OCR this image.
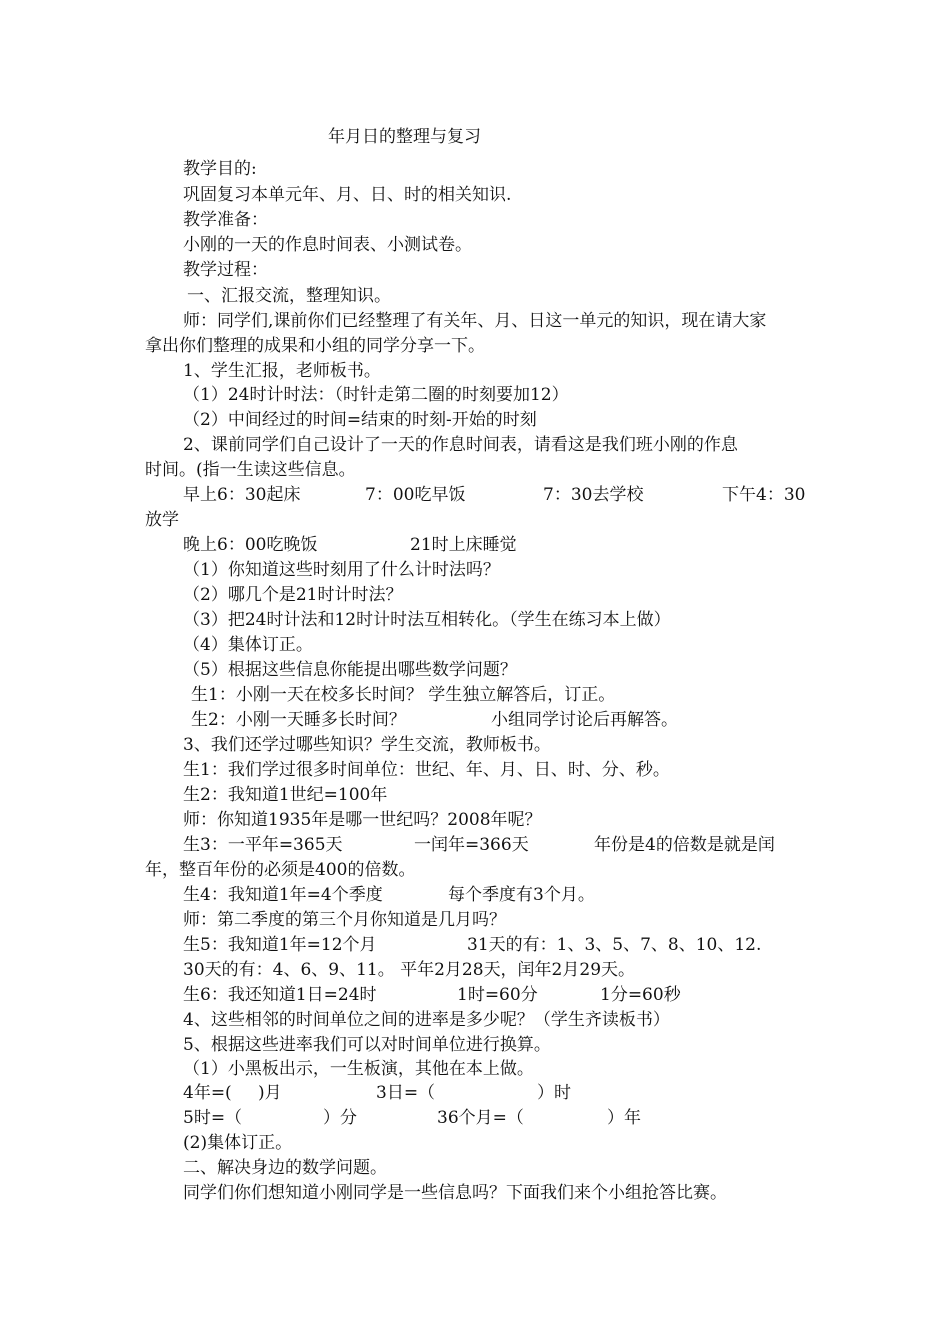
年月日的整理与复习
教学目的:
巩固复习本单元年、月、日、时的相关知识.
教学准备：
小刚的一天的作息时间表、小测试卷。
教学过程：
一、汇报交流，整理知识。
师：同学们,课前你们已经整理了有关年、月、日这一单元的知识，现在请大家
拿出你们整理的成果和小组的同学分享一下。
1、学生汇报，老师板书。
（1）24时计时法：（时针走第二圈的时刻要加12）
（2）中间经过的时间=结束的时刻-开始的时刻
2、课前同学们自己设计了一天的作息时间表，请看这是我们班小刚的作息
时间。(指一生读这些信息。
早上6：30起床	7：00吃早饭	7：30去学校	下午4：30
放学
晚上6：00吃晚饭	21时上床睡觉
（1）你知道这些时刻用了什么计时法吗？
（2）哪几个是21时计时法？
（3）把24时计法和12时计时法互相转化。（学生在练习本上做）
（4）集体订正。
（5）根据这些信息你能提出哪些数学问题？
生1：小刚一天在校多长时间？ 学生独立解答后，订正。
生2：小刚一天睡多长时间？	小组同学讨论后再解答。
3、我们还学过哪些知识？学生交流，教师板书。
生1：我们学过很多时间单位：世纪、年、月、日、时、分、秒。
生2：我知道1世纪=100年
师：你知道1935年是哪一世纪吗？2008年呢？
生3：一平年=365天	一闰年=366天	年份是4的倍数是就是闰
年，整百年份的必须是400的倍数。
生4：我知道1年=4个季度	每个季度有3个月。
师：第二季度的第三个月你知道是几月吗？
生5：我知道1年=12个月	31天的有：1、3、5、7、8、10、12.
30天的有：4、6、9、11。 平年2月28天，闰年2月29天。
生6：我还知道1日=24时	1时=60分	1分=60秒
4、这些相邻的时间单位之间的进率是多少呢？（学生齐读板书）
5、根据这些进率我们可以对时间单位进行换算。
（1）小黑板出示，一生板演，其他在本上做。
4年=( )月	3日=（	）时
5时=（	）分	36个月=（	）年
(2)集体订正。
二、解决身边的数学问题。
同学们你们想知道小刚同学是一些信息吗？下面我们来个小组抢答比赛。
